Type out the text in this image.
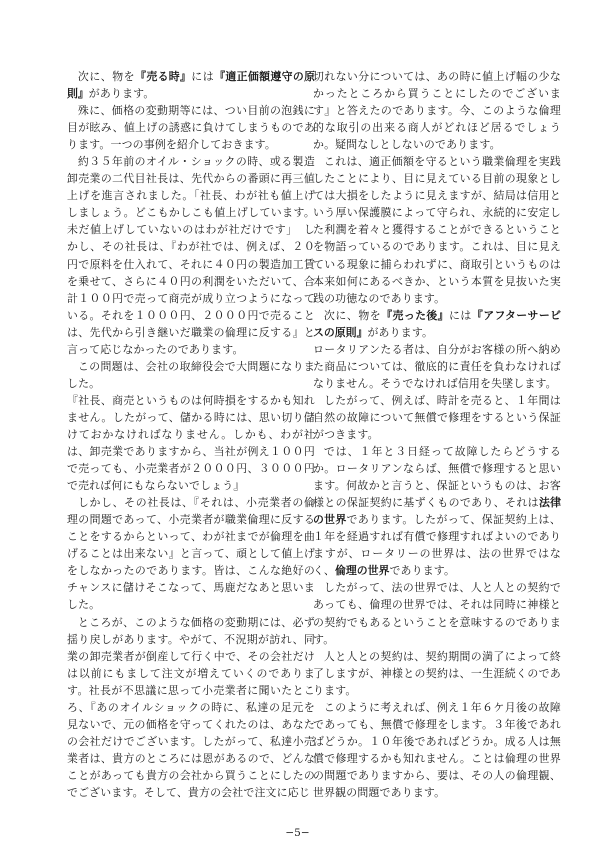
次に、物を『売る時』には『適正価額遵守の原則』があります。

殊に、価格の変動期等には、つい目前の泡銭に目が眩み、値上げの誘惑に負けてしまうものであります。一つの事例を紹介しておきます。

約３５年前のオイル・ショックの時、或る製造卸売業の二代目社長は、先代からの番頭に再三値上げを進言されました。「社長、わが社も値上げしましょう。どこもかしこも値上げしています。未だ値上げしていないのはわが社だけです」　しかし、その社長は、『わが社では、例えば、２０円で原料を仕入れて、それに４０円の製造加工賃を乗せて、さらに４０円の利潤をいただいて、合計１００円で売って商売が成り立つようになっている。それを１０００円、２０００円で売ることは、先代から引き継いだ職業の倫理に反する』と言って応じなかったのであります。

この問題は、会社の取締役会で大問題になりました。

『社長、商売というものは何時損をするかも知れません。したがって、儲かる時には、思い切り儲けておかなければなりません。しかも、わが社は、卸売業でありますから、当社が例え１００円で売っても、小売業者が２０００円、３０００円で売れば何にもならないでしょう』

しかし、その社長は、『それは、小売業者の倫理の問題であって、小売業者が職業倫理に反することをするからといって、わが社までが倫理を曲げることは出来ない』と言って、頑として値上げをしなかったのであります。皆は、こんな絶好のチャンスに儲けそこなって、馬鹿だなあと思いました。

ところが、このような価格の変動期には、必ず揺り戻しがあります。やがて、不況期が訪れ、同業の卸売業者が倒産して行く中で、その会社だけは以前にもまして注文が増えていくのであります。社長が不思議に思って小売業者に聞いたところ、『あのオイルショックの時に、私達の足元を見ないで、元の価格を守ってくれたのは、あなたの会社だけでございます。したがって、私達小売業者は、貴方のところには恩があるので、どんなことがあっても貴方の会社から買うことにしたのでございます。そして、貴方の会社で注文に応じ

切れない分については、あの時に値上げ幅の少なかったところから買うことにしたのでございます』と答えたのであります。今、このような倫理的な取引の出来る商人がどれほど居るでしょうか。疑問なしとしないのであります。

これは、適正価額を守るという職業倫理を実践したことにより、目に見えている目前の現象としては大損をしたように見えますが、結局は信用という厚い保護膜によって守られ、永続的に安定した利潤を着々と獲得することができるということを物語っているのであります。これは、目に見えている現象に捕らわれずに、商取引というものは本来如何にあるべきか、という本質を見抜いた実践の功徳なのであります。

次に、物を『売った後』には『アフターサービスの原則』があります。

ロータリアンたる者は、自分がお客様の所へ納めた商品については、徹底的に責任を負わなければなりません。そうでなければ信用を失墜します。

したがって、例えば、時計を売ると、１年間は自然の故障について無償で修理をするという保証がつきます。

では、１年と３日経って故障したらどうするか。ロータリアンならば、無償で修理すると思います。何故かと言うと、保証というものは、お客様との保証契約に基ずくものであり、それは法律の世界であります。したがって、保証契約上は、１年を経過すれば有償で修理すればよいのでありますが、ロータリーの世界は、法の世界ではなく、倫理の世界であります。

したがって、法の世界では、人と人との契約であっても、倫理の世界では、それは同時に神様との契約でもあるということを意味するのであります。

人と人との契約は、契約期間の満了によって終了しますが、神様との契約は、一生涯続くのであります。

このように考えれば、例え１年６ケ月後の故障であっても、無償で修理をします。３年後であればどうか。１０年後であればどうか。成る人は無償で修理するかも知れません。ことは倫理の世界の問題でありますから、要は、その人の倫理観、世界観の問題であります。

−5−
